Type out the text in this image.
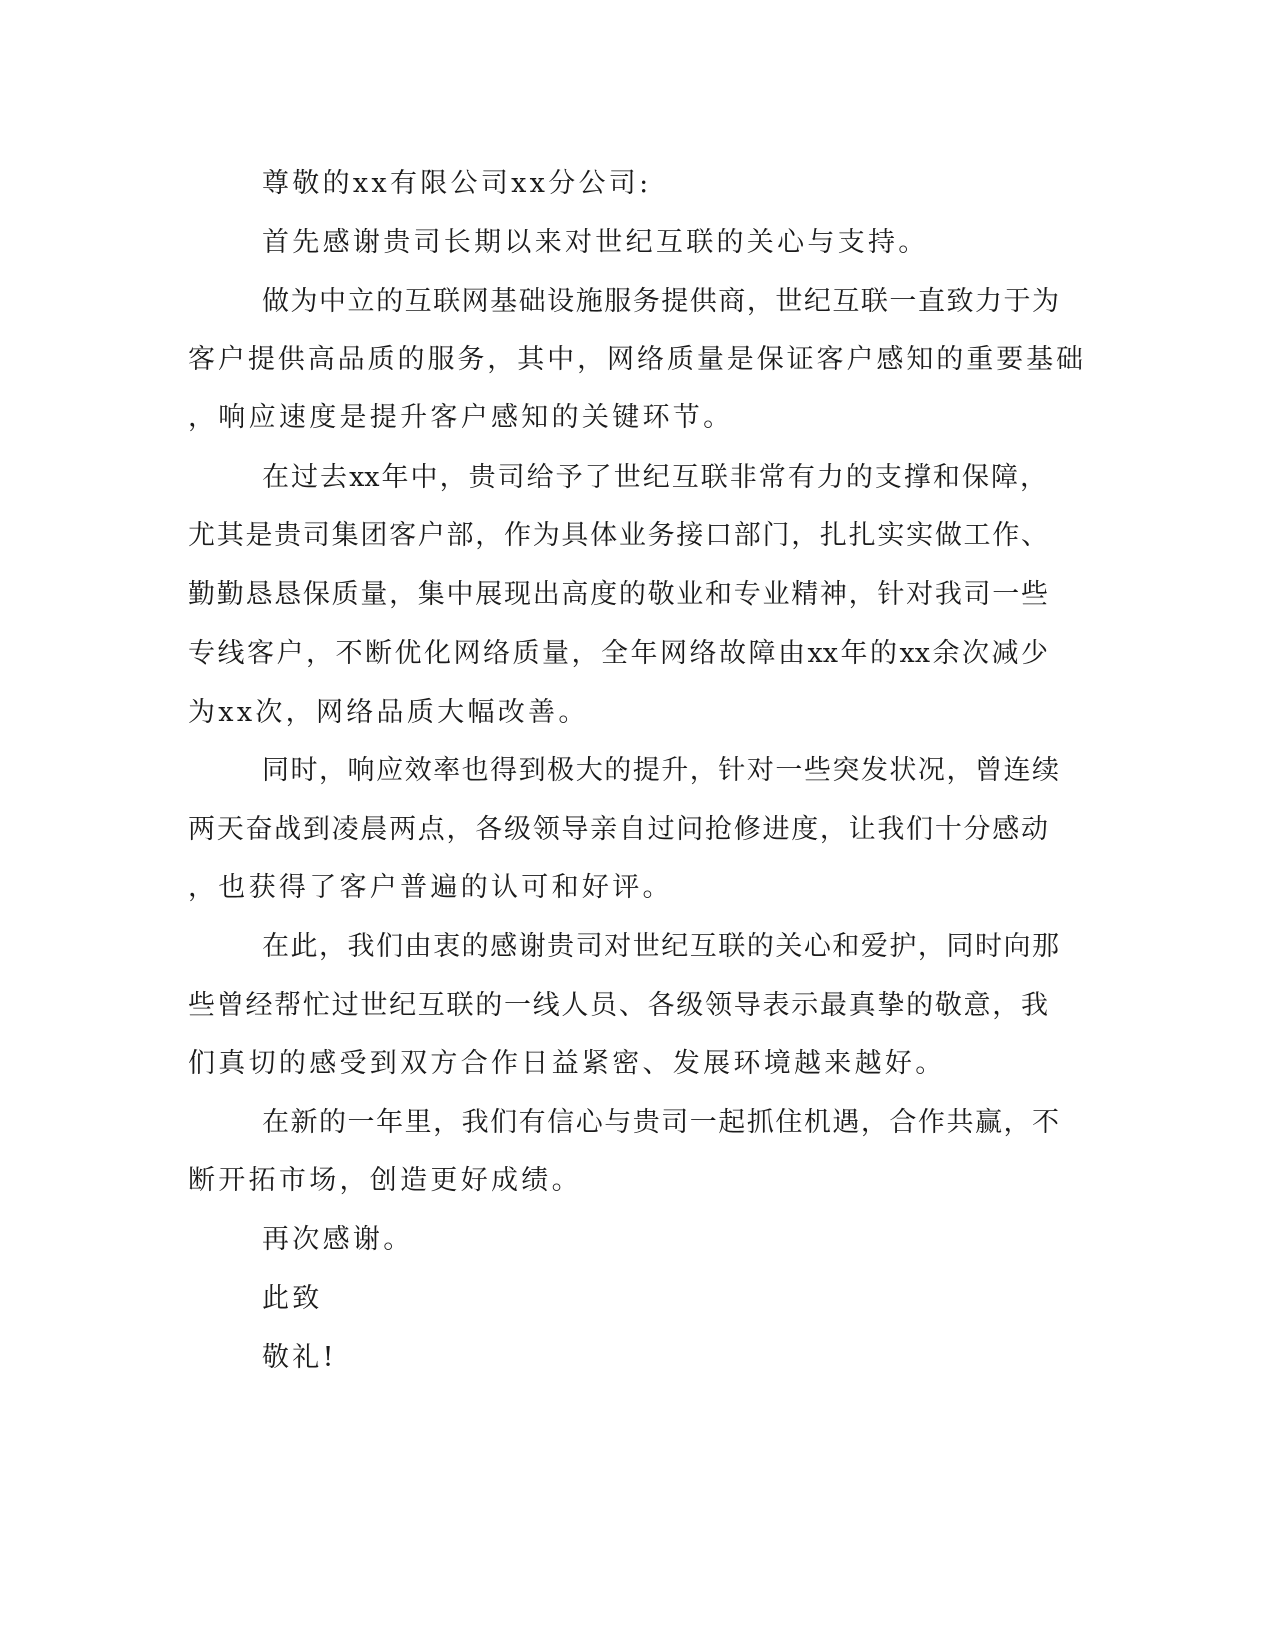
尊敬的xx有限公司xx分公司:
首先感谢贵司长期以来对世纪互联的关心与支持。
做为中立的互联网基础设施服务提供商，世纪互联一直致力于为
客户提供高品质的服务，其中，网络质量是保证客户感知的重要基础
，响应速度是提升客户感知的关键环节。
在过去xx年中，贵司给予了世纪互联非常有力的支撑和保障，
尤其是贵司集团客户部，作为具体业务接口部门，扎扎实实做工作、
勤勤恳恳保质量，集中展现出高度的敬业和专业精神，针对我司一些
专线客户，不断优化网络质量，全年网络故障由xx年的xx余次减少
为xx次，网络品质大幅改善。
同时，响应效率也得到极大的提升，针对一些突发状况，曾连续
两天奋战到凌晨两点，各级领导亲自过问抢修进度，让我们十分感动
，也获得了客户普遍的认可和好评。
在此，我们由衷的感谢贵司对世纪互联的关心和爱护，同时向那
些曾经帮忙过世纪互联的一线人员、各级领导表示最真挚的敬意，我
们真切的感受到双方合作日益紧密、发展环境越来越好。
在新的一年里，我们有信心与贵司一起抓住机遇，合作共赢，不
断开拓市场，创造更好成绩。
再次感谢。
此致
敬礼!
